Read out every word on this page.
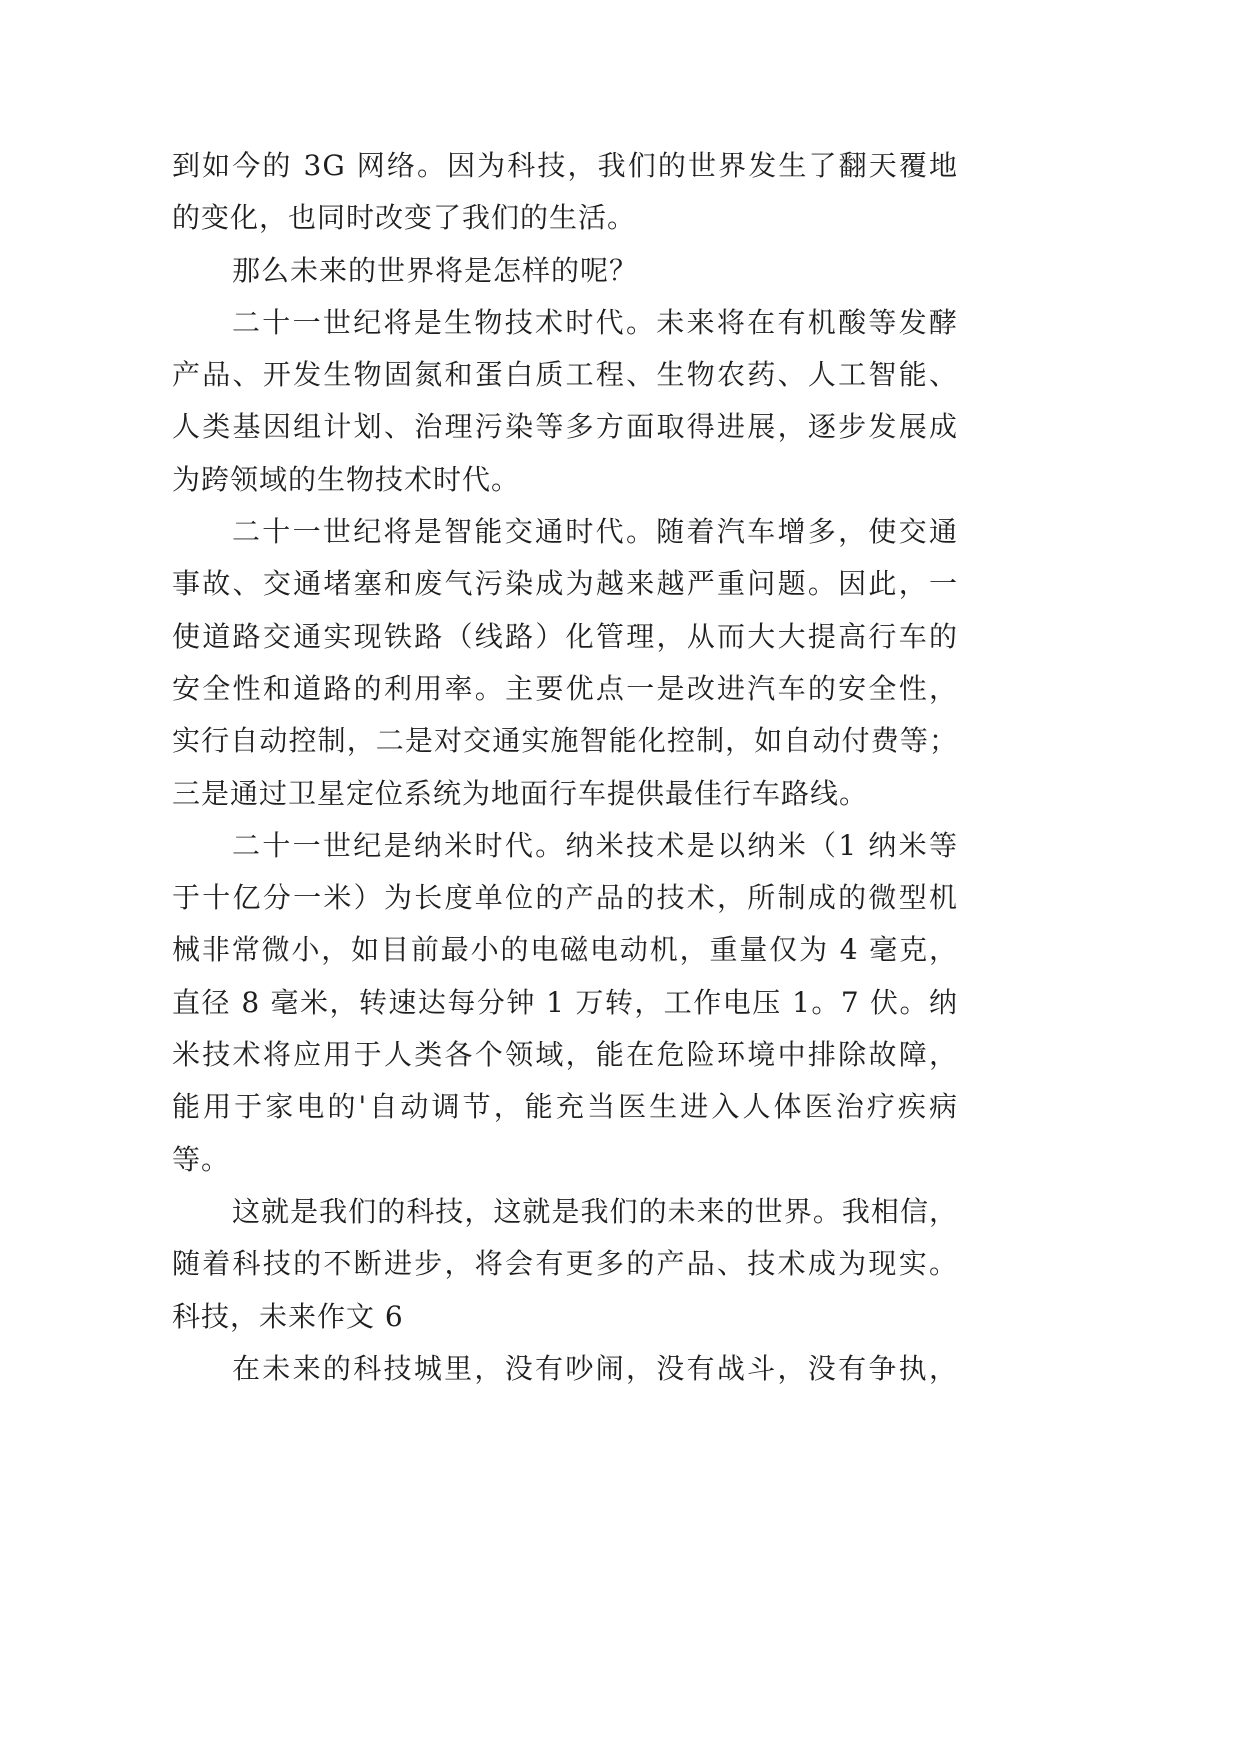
到如今的 3G 网络。因为科技，我们的世界发生了翻天覆地
的变化，也同时改变了我们的生活。
那么未来的世界将是怎样的呢？
二十一世纪将是生物技术时代。未来将在有机酸等发酵
产品、开发生物固氮和蛋白质工程、生物农药、人工智能、
人类基因组计划、治理污染等多方面取得进展，逐步发展成
为跨领域的生物技术时代。
二十一世纪将是智能交通时代。随着汽车增多，使交通
事故、交通堵塞和废气污染成为越来越严重问题。因此，一
使道路交通实现铁路（线路）化管理，从而大大提高行车的
安全性和道路的利用率。主要优点一是改进汽车的安全性，
实行自动控制，二是对交通实施智能化控制，如自动付费等；
三是通过卫星定位系统为地面行车提供最佳行车路线。
二十一世纪是纳米时代。纳米技术是以纳米（1 纳米等
于十亿分一米）为长度单位的产品的技术，所制成的微型机
械非常微小，如目前最小的电磁电动机，重量仅为 4 毫克，
直径 8 毫米，转速达每分钟 1 万转，工作电压 1。7 伏。纳
米技术将应用于人类各个领域，能在危险环境中排除故障，
能用于家电的'自动调节，能充当医生进入人体医治疗疾病
等。
这就是我们的科技，这就是我们的未来的世界。我相信，
随着科技的不断进步，将会有更多的产品、技术成为现实。
科技，未来作文 6
在未来的科技城里，没有吵闹，没有战斗，没有争执，
